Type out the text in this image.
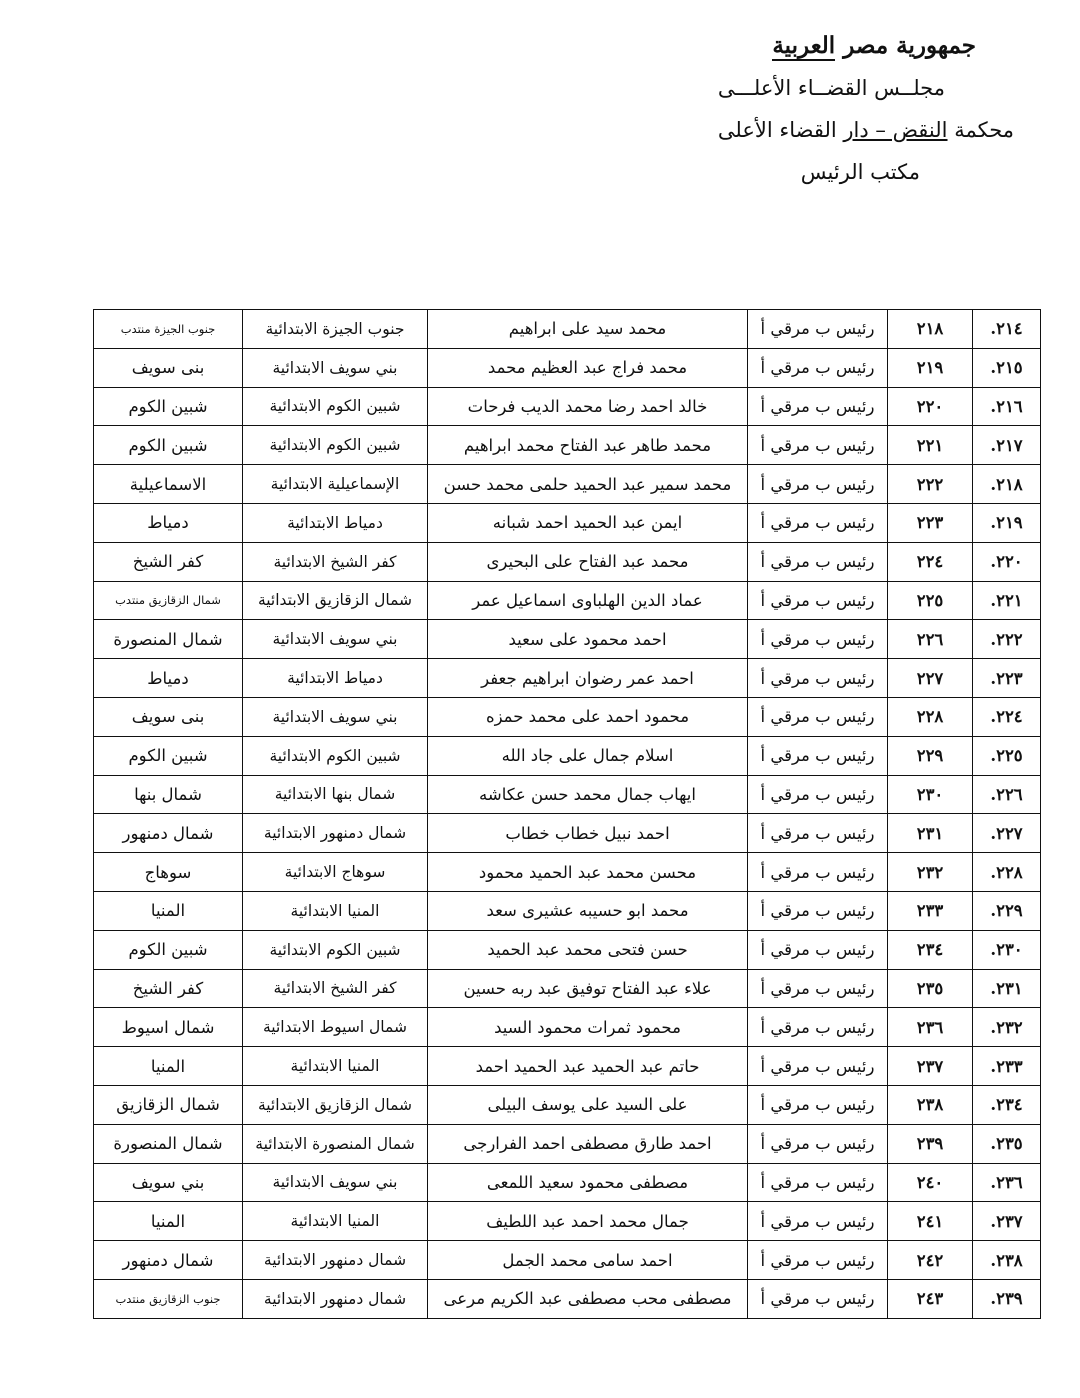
جمهورية مصر العربية
مجلــس القضــاء الأعلـــى
محكمة النقض – دار القضاء الأعلى
مكتب الرئيس
٢١٤.	٢١٨	رئيس ب مرقي أ	محمد سيد على ابراهيم	جنوب الجيزة الابتدائية	جنوب الجيزة منتدب
٢١٥.	٢١٩	رئيس ب مرقي أ	محمد فراج عبد العظيم محمد	بني سويف الابتدائية	بنى سويف
٢١٦.	٢٢٠	رئيس ب مرقي أ	خالد احمد رضا محمد الديب فرحات	شبين الكوم الابتدائية	شبين الكوم
٢١٧.	٢٢١	رئيس ب مرقي أ	محمد طاهر عبد الفتاح محمد ابراهيم	شبين الكوم الابتدائية	شبين الكوم
٢١٨.	٢٢٢	رئيس ب مرقي أ	محمد سمير عبد الحميد حلمى محمد حسن	الإسماعيلية الابتدائية	الاسماعيلية
٢١٩.	٢٢٣	رئيس ب مرقي أ	ايمن عبد الحميد احمد شبانه	دمياط الابتدائية	دمياط
٢٢٠.	٢٢٤	رئيس ب مرقي أ	محمد عبد الفتاح على البحيرى	كفر الشيخ الابتدائية	كفر الشيخ
٢٢١.	٢٢٥	رئيس ب مرقي أ	عماد الدين الهلباوى اسماعيل عمر	شمال الزقازيق الابتدائية	شمال الزقازيق منتدب
٢٢٢.	٢٢٦	رئيس ب مرقي أ	احمد محمود على سعيد	بني سويف الابتدائية	شمال المنصورة
٢٢٣.	٢٢٧	رئيس ب مرقي أ	احمد عمر رضوان ابراهيم جعفر	دمياط الابتدائية	دمياط
٢٢٤.	٢٢٨	رئيس ب مرقي أ	محمود احمد على محمد حمزه	بني سويف الابتدائية	بنى سويف
٢٢٥.	٢٢٩	رئيس ب مرقي أ	اسلام جمال على جاد الله	شبين الكوم الابتدائية	شبين الكوم
٢٢٦.	٢٣٠	رئيس ب مرقي أ	ايهاب جمال محمد حسن عكاشه	شمال بنها الابتدائية	شمال بنها
٢٢٧.	٢٣١	رئيس ب مرقي أ	احمد نبيل خطاب خطاب	شمال دمنهور الابتدائية	شمال دمنهور
٢٢٨.	٢٣٢	رئيس ب مرقي أ	محسن محمد عبد الحميد محمود	سوهاج الابتدائية	سوهاج
٢٢٩.	٢٣٣	رئيس ب مرقي أ	محمد ابو حسيبه عشيرى سعد	المنيا الابتدائية	المنيا
٢٣٠.	٢٣٤	رئيس ب مرقي أ	حسن فتحى محمد عبد الحميد	شبين الكوم الابتدائية	شبين الكوم
٢٣١.	٢٣٥	رئيس ب مرقي أ	علاء عبد الفتاح توفيق عبد ربه حسين	كفر الشيخ الابتدائية	كفر الشيخ
٢٣٢.	٢٣٦	رئيس ب مرقي أ	محمود ثمرات محمود السيد	شمال اسيوط الابتدائية	شمال اسيوط
٢٣٣.	٢٣٧	رئيس ب مرقي أ	حاتم عبد الحميد عبد الحميد احمد	المنيا الابتدائية	المنيا
٢٣٤.	٢٣٨	رئيس ب مرقي أ	على السيد على يوسف البيلى	شمال الزقازيق الابتدائية	شمال الزقازيق
٢٣٥.	٢٣٩	رئيس ب مرقي أ	احمد طارق مصطفى احمد الفرارجى	شمال المنصورة الابتدائية	شمال المنصورة
٢٣٦.	٢٤٠	رئيس ب مرقي أ	مصطفى محمود سعيد اللمعى	بني سويف الابتدائية	بني سويف
٢٣٧.	٢٤١	رئيس ب مرقي أ	جمال محمد احمد عبد اللطيف	المنيا الابتدائية	المنيا
٢٣٨.	٢٤٢	رئيس ب مرقي أ	احمد سامى محمد الجمل	شمال دمنهور الابتدائية	شمال دمنهور
٢٣٩.	٢٤٣	رئيس ب مرقي أ	مصطفى محب مصطفى عبد الكريم مرعى	شمال دمنهور الابتدائية	جنوب الزقازيق منتدب
